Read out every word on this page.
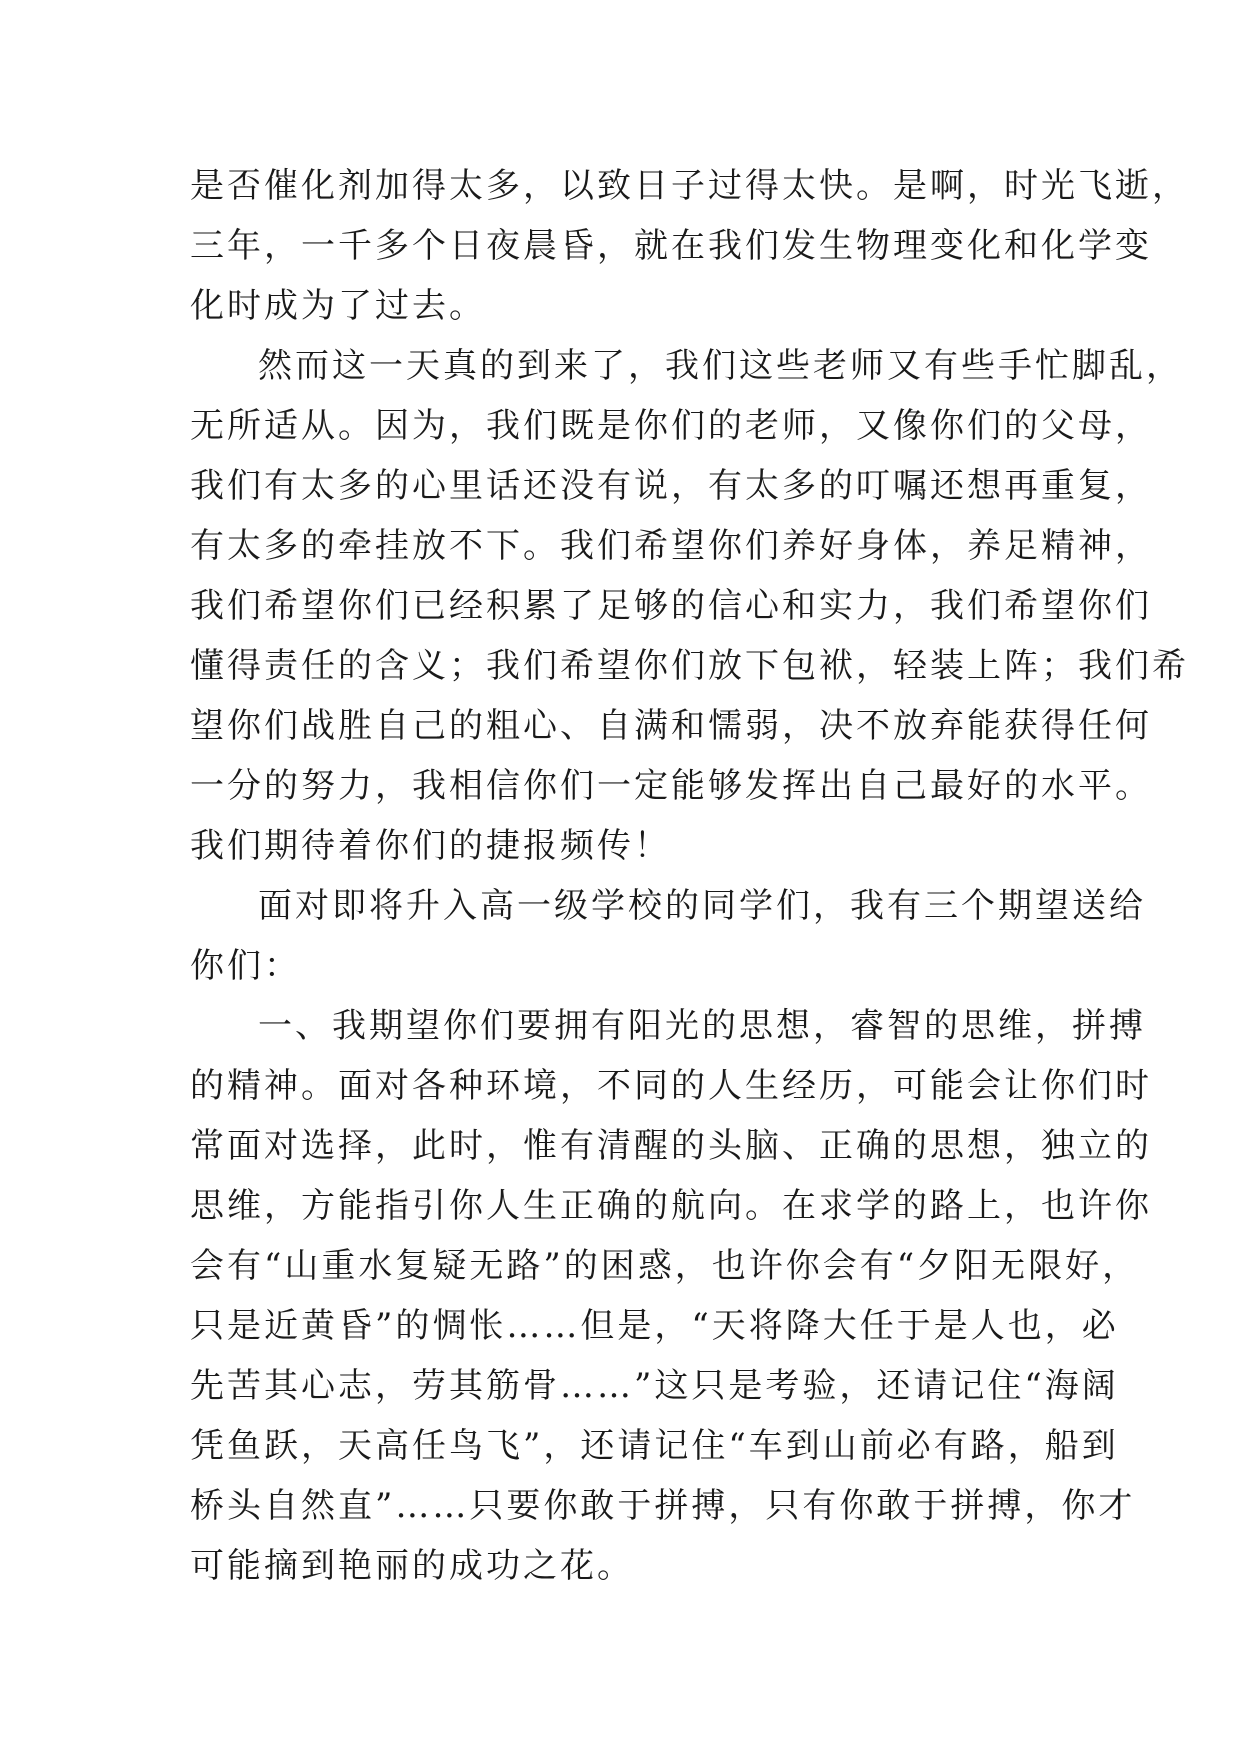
是否催化剂加得太多，以致日子过得太快。是啊，时光飞逝，
三年，一千多个日夜晨昏，就在我们发生物理变化和化学变
化时成为了过去。
然而这一天真的到来了，我们这些老师又有些手忙脚乱，
无所适从。因为，我们既是你们的老师，又像你们的父母，
我们有太多的心里话还没有说，有太多的叮嘱还想再重复，
有太多的牵挂放不下。我们希望你们养好身体，养足精神，
我们希望你们已经积累了足够的信心和实力，我们希望你们
懂得责任的含义；我们希望你们放下包袱，轻装上阵；我们希
望你们战胜自己的粗心、自满和懦弱，决不放弃能获得任何
一分的努力，我相信你们一定能够发挥出自己最好的水平。
我们期待着你们的捷报频传！
面对即将升入高一级学校的同学们，我有三个期望送给
你们：
一、我期望你们要拥有阳光的思想，睿智的思维，拼搏
的精神。面对各种环境，不同的人生经历，可能会让你们时
常面对选择，此时，惟有清醒的头脑、正确的思想，独立的
思维，方能指引你人生正确的航向。在求学的路上，也许你
会有“山重水复疑无路”的困惑，也许你会有“夕阳无限好，
只是近黄昏”的惆怅……但是，“天将降大任于是人也，必
先苦其心志，劳其筋骨……”这只是考验，还请记住“海阔
凭鱼跃，天高任鸟飞”，还请记住“车到山前必有路，船到
桥头自然直”……只要你敢于拼搏，只有你敢于拼搏，你才
可能摘到艳丽的成功之花。
